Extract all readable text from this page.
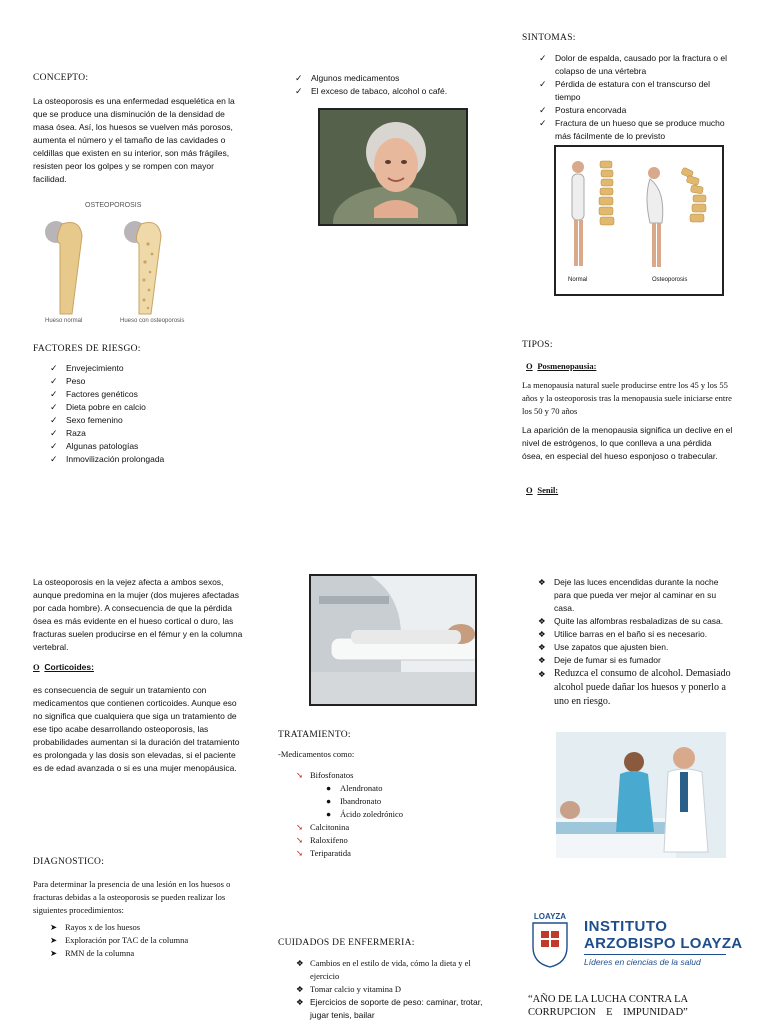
CONCEPTO:

La osteoporosis es una enfermedad esquelética en la que se produce una disminución de la densidad de masa ósea. Así, los huesos se vuelven más porosos, aumenta el número y el tamaño de las cavidades o celdillas que existen en su interior, son más frágiles, resisten peor los golpes y se rompen con mayor facilidad.

OSTEOPOROSIS
Hueso normal	Hueso con osteoporosis
FACTORES DE RIESGO:
✓ Envejecimiento
✓ Peso
✓ Factores genéticos
✓ Dieta pobre en calcio
✓ Sexo femenino
✓ Raza
✓ Algunas patologías
✓ Inmovilización prolongada

La osteoporosis en la vejez afecta a ambos sexos, aunque predomina en la mujer (dos mujeres afectadas por cada hombre). A consecuencia de que la pérdida ósea es más evidente en el hueso cortical o duro, las fracturas suelen producirse en el fémur y en la columna vertebral.

O Corticoides:

es consecuencia de seguir un tratamiento con medicamentos que contienen corticoides. Aunque eso no significa que cualquiera que siga un tratamiento de ese tipo acabe desarrollando osteoporosis, las probabilidades aumentan si la duración del tratamiento es prolongada y las dosis son elevadas, si el paciente es de edad avanzada o si es una mujer menopáusica.

DIAGNOSTICO:

Para determinar la presencia de una lesión en los huesos o fracturas debidas a la osteoporosis se pueden realizar los siguientes procedimientos:

➤ Rayos x de los huesos
➤ Exploración por TAC de la columna
➤ RMN de la columna
✓ Algunos medicamentos
✓ El exceso de tabaco, alcohol o café.
TRATAMIENTO:
-Medicamentos como:
➘ Bifosfonatos
● Alendronato
● Ibandronato
● Ácido zoledrónico
➘ Calcitonina
➘ Raloxifeno
➘ Teriparatida
CUIDADOS DE ENFERMERIA:
❖ Cambios en el estilo de vida, cómo la dieta y el ejercicio
❖ Tomar calcio y vitamina D
❖ Ejercicios de soporte de peso: caminar, trotar, jugar tenis, bailar
SINTOMAS:
✓ Dolor de espalda, causado por la fractura o el colapso de una vértebra
✓ Pérdida de estatura con el transcurso del tiempo
✓ Postura encorvada
✓ Fractura de un hueso que se produce mucho más fácilmente de lo previsto
Normal	Osteoporosis
TIPOS:
O Posmenopausia:

La menopausia natural suele producirse entre los 45 y los 55 años y la osteoporosis tras la menopausia suele iniciarse entre los 50 y 70 años

La aparición de la menopausia significa un declive en el nivel de estrógenos, lo que conlleva a una pérdida ósea, en especial del hueso esponjoso o trabecular.

O Senil:
❖ Deje las luces encendidas durante la noche para que pueda ver mejor al caminar en su casa.
❖ Quite las alfombras resbaladizas de su casa.
❖ Utilice barras en el baño si es necesario.
❖ Use zapatos que ajusten bien.
❖ Deje de fumar si es fumador
❖ Reduzca el consumo de alcohol. Demasiado alcohol puede dañar los huesos y ponerlo a uno en riesgo.
LOAYZA
INSTITUTO
ARZOBISPO LOAYZA
Líderes en ciencias de la salud
“AÑO DE LA LUCHA CONTRA LA
CORRUPCION    E    IMPUNIDAD”
